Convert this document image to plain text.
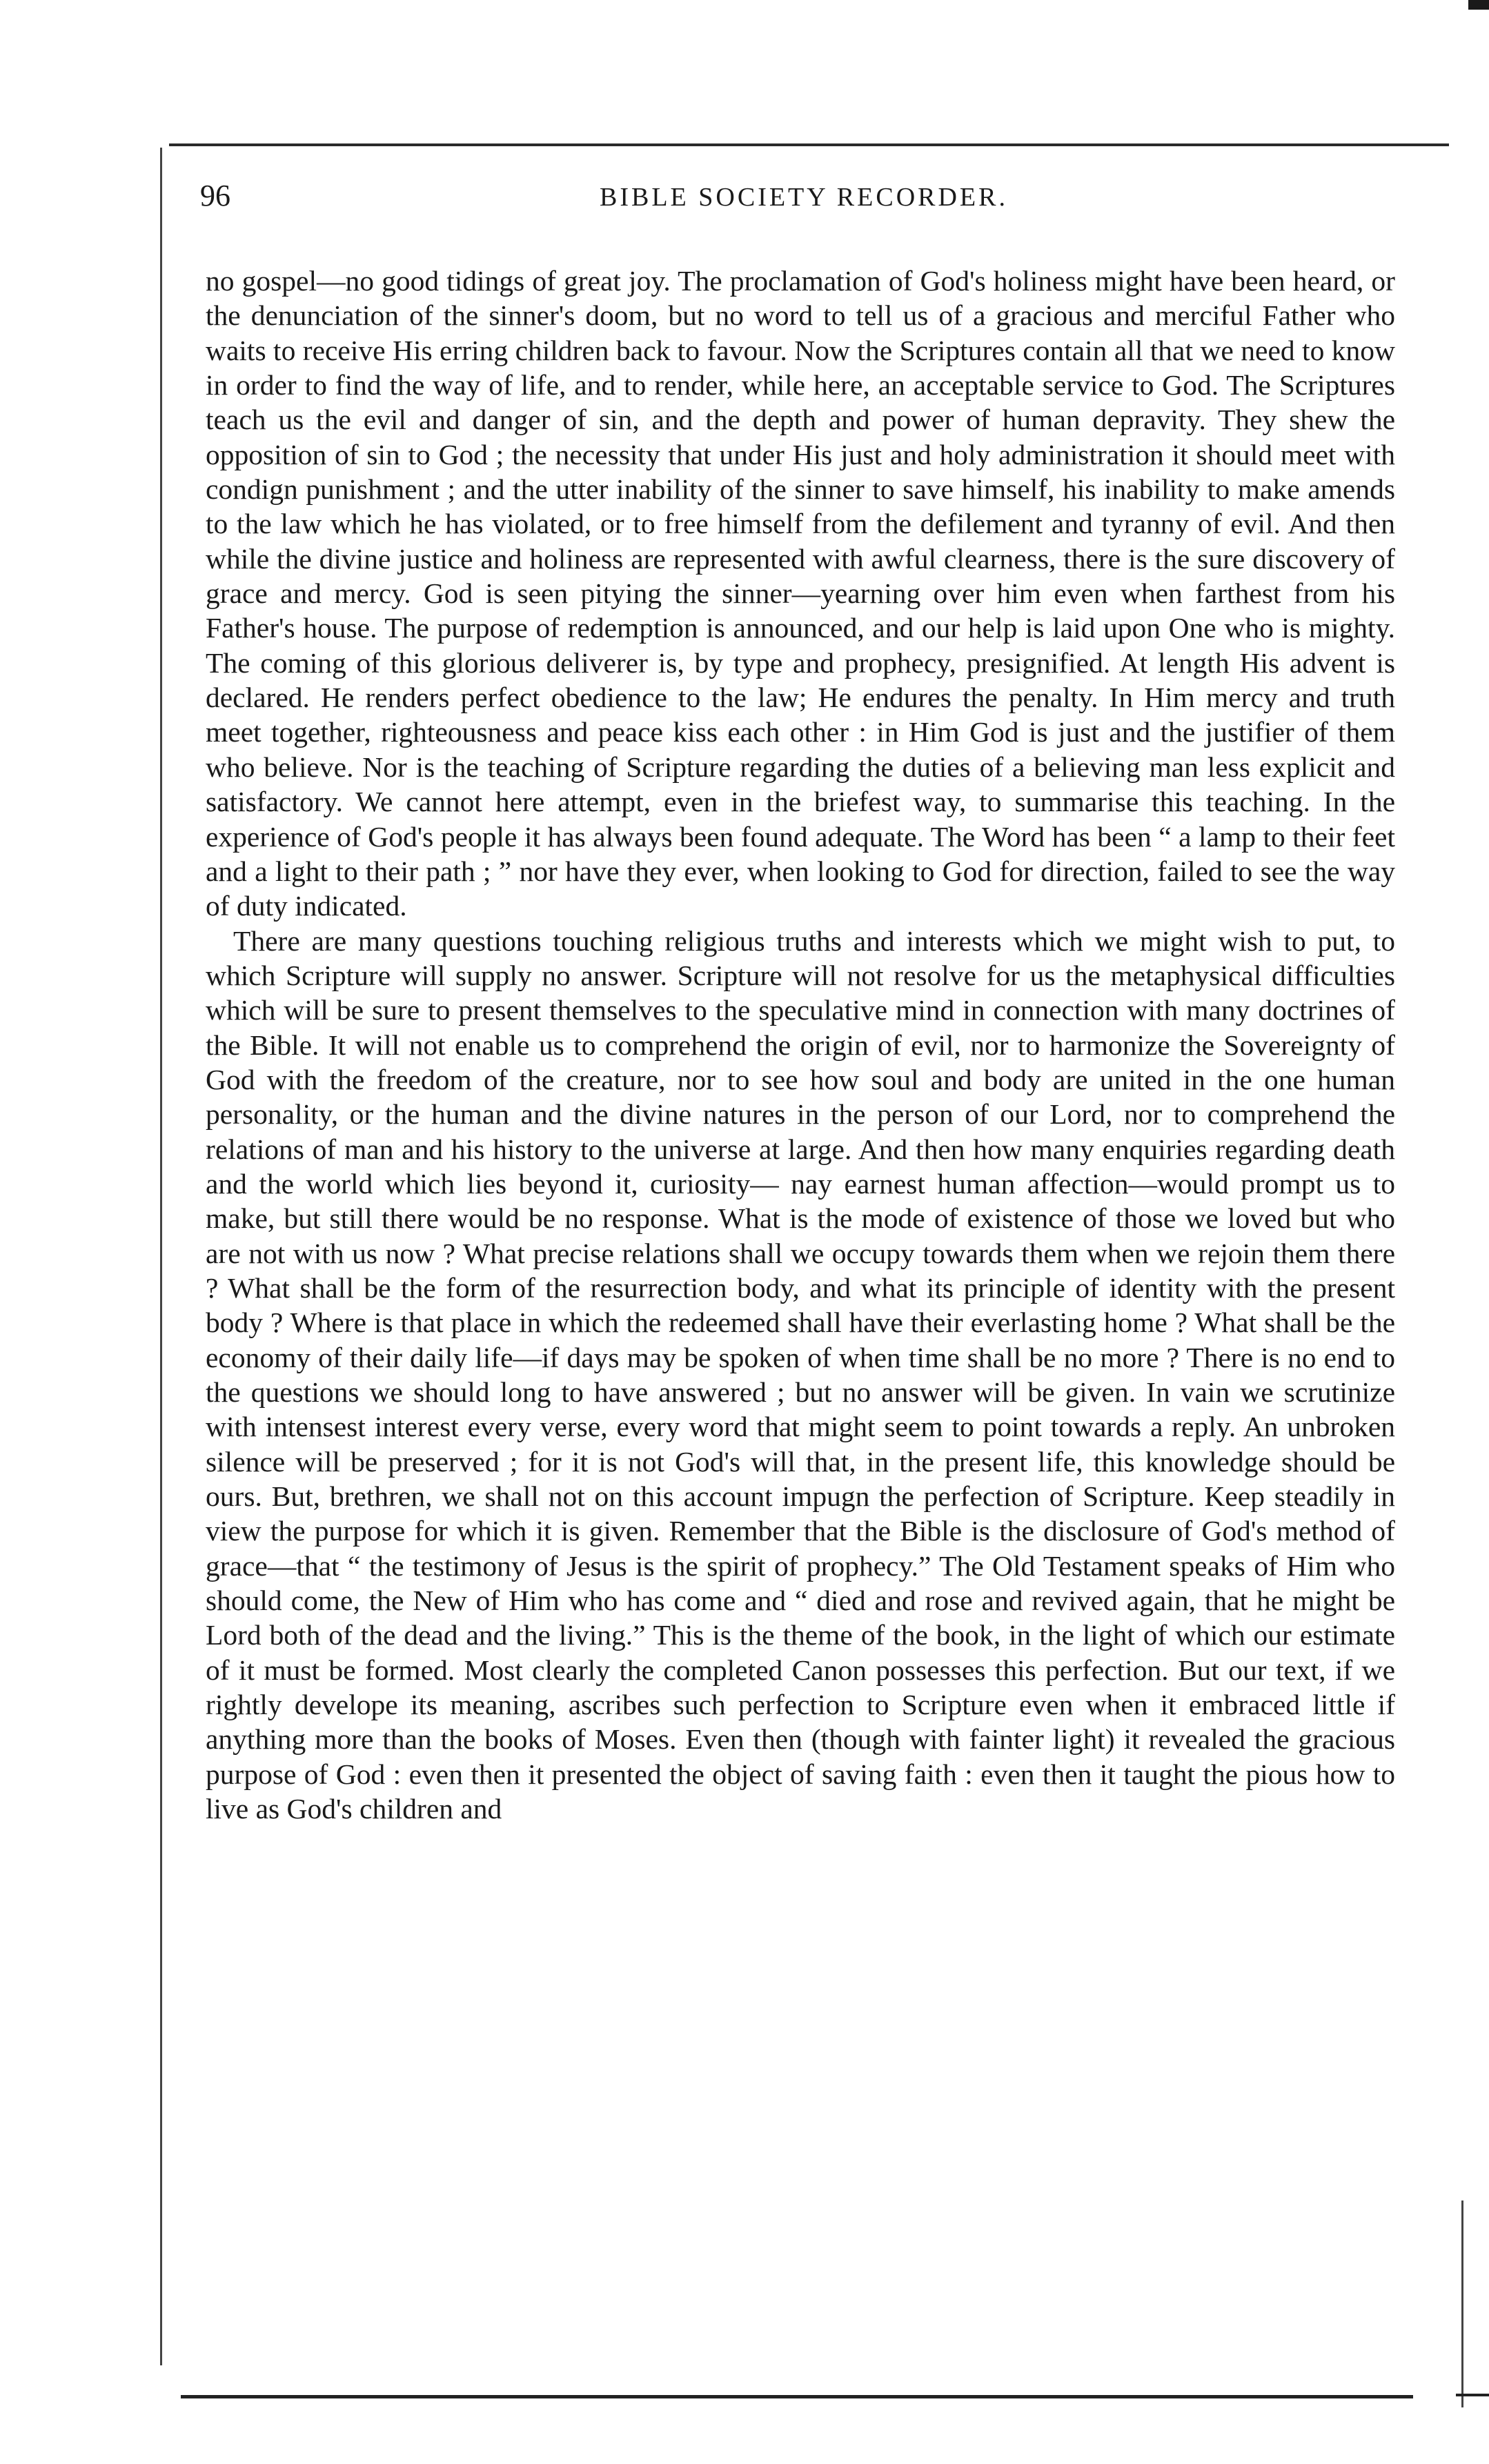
96	BIBLE SOCIETY RECORDER.

no gospel—no good tidings of great joy. The proclamation of God's holiness might have been heard, or the denunciation of the sinner's doom, but no word to tell us of a gracious and merciful Father who waits to receive His erring children back to favour. Now the Scriptures contain all that we need to know in order to find the way of life, and to render, while here, an acceptable service to God. The Scriptures teach us the evil and danger of sin, and the depth and power of human depravity. They shew the opposition of sin to God ; the necessity that under His just and holy administration it should meet with condign punishment ; and the utter inability of the sinner to save himself, his inability to make amends to the law which he has violated, or to free himself from the defilement and tyranny of evil. And then while the divine justice and holiness are represented with awful clearness, there is the sure discovery of grace and mercy. God is seen pitying the sinner—yearning over him even when farthest from his Father's house. The purpose of redemption is announced, and our help is laid upon One who is mighty. The coming of this glorious deliverer is, by type and prophecy, presignified. At length His advent is declared. He renders perfect obedience to the law; He endures the penalty. In Him mercy and truth meet together, righteousness and peace kiss each other : in Him God is just and the justifier of them who believe. Nor is the teaching of Scripture regarding the duties of a believing man less explicit and satisfactory. We cannot here attempt, even in the briefest way, to summarise this teaching. In the experience of God's people it has always been found adequate. The Word has been “ a lamp to their feet and a light to their path ; ” nor have they ever, when looking to God for direction, failed to see the way of duty indicated.

There are many questions touching religious truths and interests which we might wish to put, to which Scripture will supply no answer. Scripture will not resolve for us the metaphysical difficulties which will be sure to present themselves to the speculative mind in connection with many doctrines of the Bible. It will not enable us to comprehend the origin of evil, nor to harmonize the Sovereignty of God with the freedom of the creature, nor to see how soul and body are united in the one human personality, or the human and the divine natures in the person of our Lord, nor to comprehend the relations of man and his history to the universe at large. And then how many enquiries regarding death and the world which lies beyond it, curiosity— nay earnest human affection—would prompt us to make, but still there would be no response. What is the mode of existence of those we loved but who are not with us now ? What precise relations shall we occupy towards them when we rejoin them there ? What shall be the form of the resurrection body, and what its principle of identity with the present body ? Where is that place in which the redeemed shall have their everlasting home ? What shall be the economy of their daily life—if days may be spoken of when time shall be no more ? There is no end to the questions we should long to have answered ; but no answer will be given. In vain we scrutinize with intensest interest every verse, every word that might seem to point towards a reply. An unbroken silence will be preserved ; for it is not God's will that, in the present life, this knowledge should be ours. But, brethren, we shall not on this account impugn the perfection of Scripture. Keep steadily in view the purpose for which it is given. Remember that the Bible is the disclosure of God's method of grace—that “ the testimony of Jesus is the spirit of prophecy.” The Old Testament speaks of Him who should come, the New of Him who has come and “ died and rose and revived again, that he might be Lord both of the dead and the living.” This is the theme of the book, in the light of which our estimate of it must be formed. Most clearly the completed Canon possesses this perfection. But our text, if we rightly develope its meaning, ascribes such perfection to Scripture even when it embraced little if anything more than the books of Moses. Even then (though with fainter light) it revealed the gracious purpose of God : even then it presented the object of saving faith : even then it taught the pious how to live as God's children and
